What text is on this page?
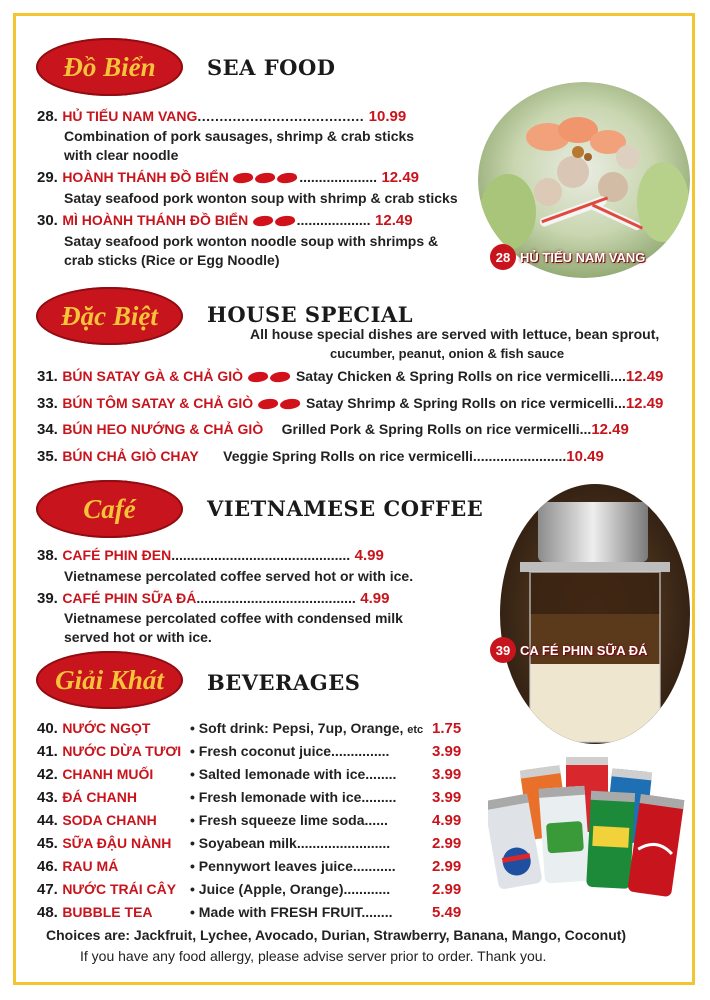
Đồ Biển SEA FOOD
28. HỦ TIẾU NAM VANG...................................... 10.99
Combination of pork sausages, shrimp & crab sticks
with clear noodle
29. HOÀNH THÁNH ĐỒ BIỂN	.................... 12.49
Satay seafood pork wonton soup with shrimp & crab sticks
30. MÌ HOÀNH THÁNH ĐỒ BIỂN	................... 12.49
Satay seafood pork wonton noodle soup with shrimps &
crab sticks (Rice or Egg Noodle)	28 HỦ TIẾU NAM VANG
Đặc Biệt HOUSE SPECIAL
All house special dishes are served with lettuce, bean sprout,
cucumber, peanut, onion & fish sauce
31. BÚN SATAY GÀ & CHẢ GIÒ	Satay Chicken & Spring Rolls on rice vermicelli....12.49
33. BÚN TÔM SATAY & CHẢ GIÒ	Satay Shrimp & Spring Rolls on rice vermicelli...12.49
34. BÚN HEO NƯỚNG & CHẢ GIÒ Grilled Pork & Spring Rolls on rice vermicelli...12.49
35. BÚN CHẢ GIÒ CHAY Veggie Spring Rolls on rice vermicelli........................10.49
Café	VIETNAMESE COFFEE
38. CAFÉ PHIN ĐEN.............................................. 4.99
Vietnamese percolated coffee served hot or with ice.
39. CAFÉ PHIN SỮA ĐÁ......................................... 4.99
Vietnamese percolated coffee with condensed milk
served hot or with ice.
39 CA FÉ PHIN SỮA ĐÁ
Giải Khát BEVERAGES
40. NƯỚC NGỌT	• Soft drink: Pepsi, 7up, Orange, etc 1.75
41. NƯỚC DỪA TƯƠI • Fresh coconut juice...............	3.99
42. CHANH MUỐI	• Salted lemonade with ice........ 3.99
43. ĐÁ CHANH	• Fresh lemonade with ice......... 3.99
44. SODA CHANH • Fresh squeeze lime soda......	4.99
45. SỮA ĐẬU NÀNH • Soyabean milk........................	2.99
46. RAU MÁ	• Pennywort leaves juice........... 2.99
47. NƯỚC TRÁI CÂY • Juice (Apple, Orange)............	2.99
48. BUBBLE TEA	• Made with FRESH FRUIT........	5.49
Choices are: Jackfruit, Lychee, Avocado, Durian, Strawberry, Banana, Mango, Coconut)
If you have any food allergy, please advise server prior to order. Thank you.
